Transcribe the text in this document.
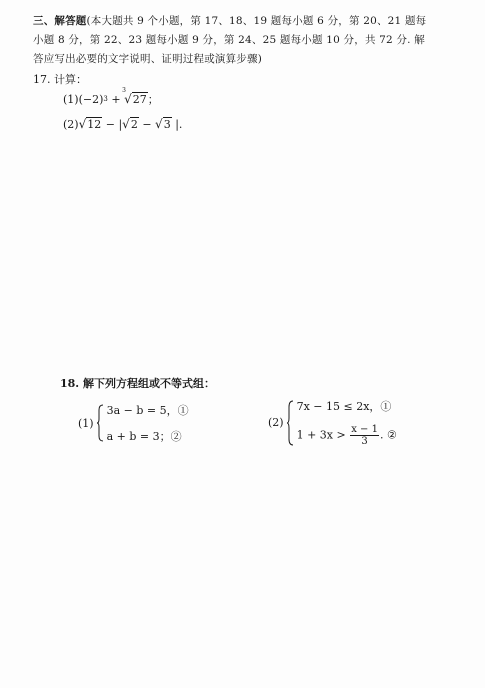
三、解答题(本大题共 9 个小题，第 17、18、19 题每小题 6 分，第 20、21 题每
小题 8 分，第 22、23 题每小题 9 分，第 24、25 题每小题 10 分，共 72 分. 解
答应写出必要的文字说明、证明过程或演算步骤)
17. 计算：
(1) (−2) 3 +
3
√27 ；
(2) √12 − | √2 − √3 |.
18. 解下列方程组或不等式组：
(1)
3a − b = 5，①
a + b = 3；②
(2)
7x − 15 ≤ 2x，①
$1 + 3x > \frac{x - 1}{3}$ . ②
